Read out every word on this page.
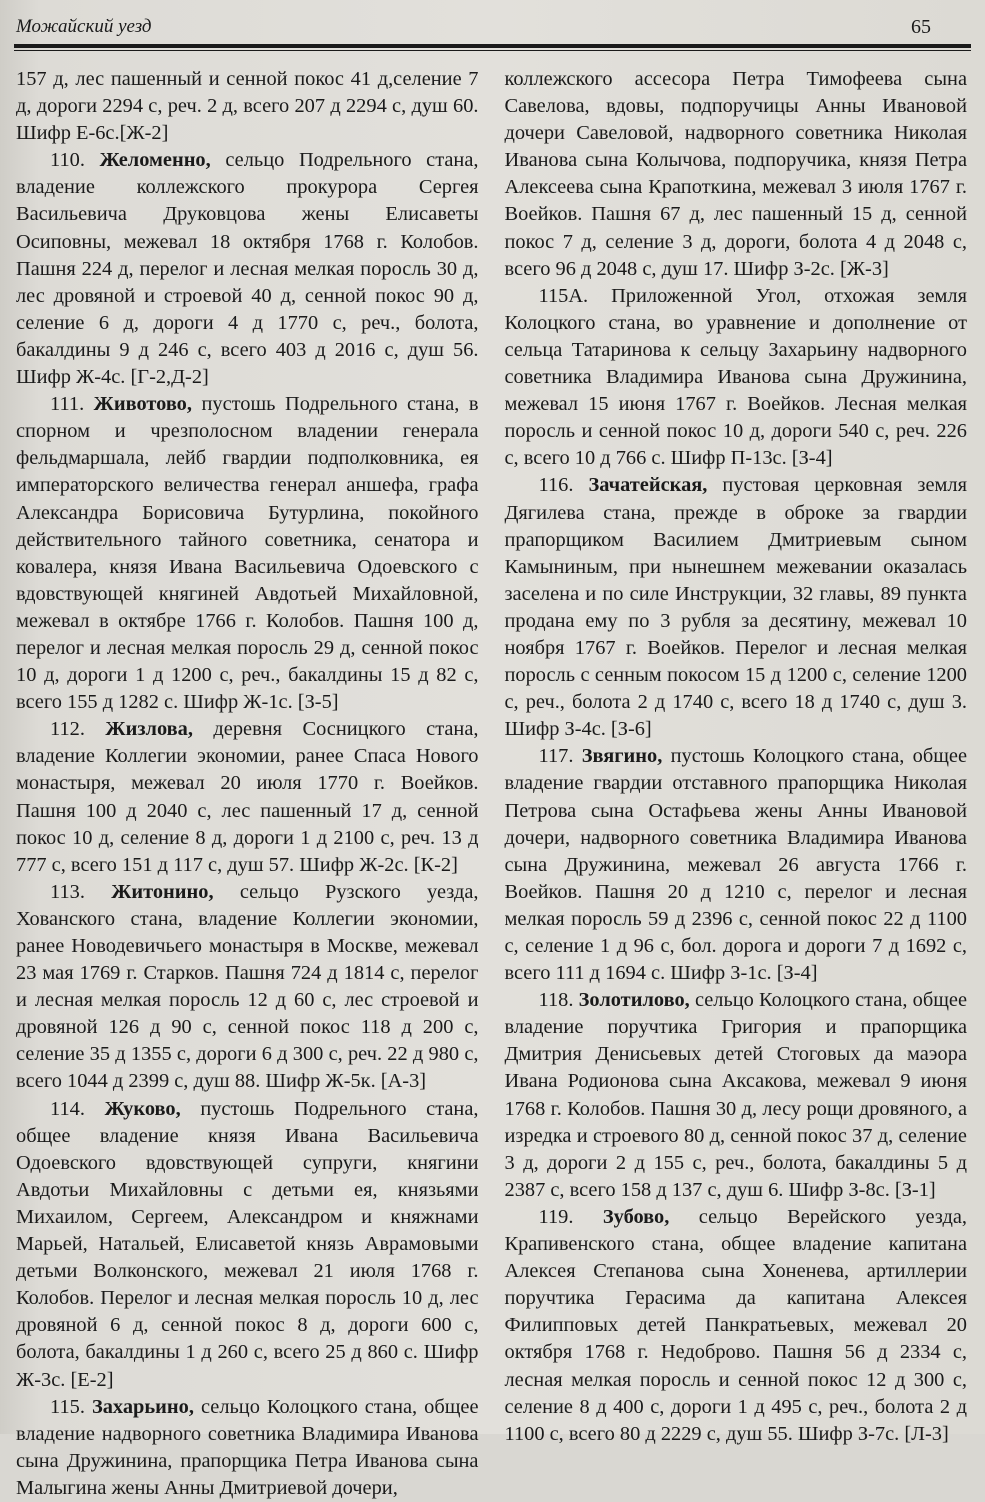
Можайский уезд	65

157 д, лес пашенный и сенной покос 41 д,селение 7 д, дороги 2294 с, реч. 2 д, всего 207 д 2294 с, душ 60. Шифр Е-6с.[Ж-2]

110. Желоменно, сельцо Подрельного стана, владение коллежского прокурора Сергея Васильевича Друковцова жены Елисаветы Осиповны, межевал 18 октября 1768 г. Колобов. Пашня 224 д, перелог и лесная мелкая поросль 30 д, лес дровяной и строевой 40 д, сенной покос 90 д, селение 6 д, дороги 4 д 1770 с, реч., болота, бакалдины 9 д 246 с, всего 403 д 2016 с, душ 56. Шифр Ж-4с. [Г-2,Д-2]

111. Животово, пустошь Подрельного стана, в спорном и чрезполосном владении генерала фельдмаршала, лейб гвардии подполковника, ея императорского величества генерал аншефа, графа Александра Борисовича Бутурлина, покойного действительного тайного советника, сенатора и ковалера, князя Ивана Васильевича Одоевского с вдовствующей княгиней Авдотьей Михайловной, межевал в октябре 1766 г. Колобов. Пашня 100 д, перелог и лесная мелкая поросль 29 д, сенной покос 10 д, дороги 1 д 1200 с, реч., бакалдины 15 д 82 с, всего 155 д 1282 с. Шифр Ж-1с. [З-5]

112. Жизлова, деревня Сосницкого стана, владение Коллегии экономии, ранее Спаса Нового монастыря, межевал 20 июля 1770 г. Воейков. Пашня 100 д 2040 с, лес пашенный 17 д, сенной покос 10 д, селение 8 д, дороги 1 д 2100 с, реч. 13 д 777 с, всего 151 д 117 с, душ 57. Шифр Ж-2с. [К-2]

113. Житонино, сельцо Рузского уезда, Хованского стана, владение Коллегии экономии, ранее Новодевичьего монастыря в Москве, межевал 23 мая 1769 г. Старков. Пашня 724 д 1814 с, перелог и лесная мелкая поросль 12 д 60 с, лес строевой и дровяной 126 д 90 с, сенной покос 118 д 200 с, селение 35 д 1355 с, дороги 6 д 300 с, реч. 22 д 980 с, всего 1044 д 2399 с, душ 88. Шифр Ж-5к. [А-3]

114. Жуково, пустошь Подрельного стана, общее владение князя Ивана Васильевича Одоевского вдовствующей супруги, княгини Авдотьи Михайловны с детьми ея, князьями Михаилом, Сергеем, Александром и княжнами Марьей, Натальей, Елисаветой князь Аврамовыми детьми Волконского, межевал 21 июля 1768 г. Колобов. Перелог и лесная мелкая поросль 10 д, лес дровяной 6 д, сенной покос 8 д, дороги 600 с, болота, бакалдины 1 д 260 с, всего 25 д 860 с. Шифр Ж-3с. [Е-2]

115. Захарьино, сельцо Колоцкого стана, общее владение надворного советника Владимира Иванова сына Дружинина, прапорщика Петра Иванова сына Малыгина жены Анны Дмитриевой дочери,

коллежского ассесора Петра Тимофеева сына Савелова, вдовы, подпоручицы Анны Ивановой дочери Савеловой, надворного советника Николая Иванова сына Колычова, подпоручика, князя Петра Алексеева сына Крапоткина, межевал 3 июля 1767 г. Воейков. Пашня 67 д, лес пашенный 15 д, сенной покос 7 д, селение 3 д, дороги, болота 4 д 2048 с, всего 96 д 2048 с, душ 17. Шифр З-2с. [Ж-3]

115А. Приложенной Угол, отхожая земля Колоцкого стана, во уравнение и дополнение от сельца Татаринова к сельцу Захарьину надворного советника Владимира Иванова сына Дружинина, межевал 15 июня 1767 г. Воейков. Лесная мелкая поросль и сенной покос 10 д, дороги 540 с, реч. 226 с, всего 10 д 766 с. Шифр П-13с. [З-4]

116. Зачатейская, пустовая церковная земля Дягилева стана, прежде в оброке за гвардии прапорщиком Василием Дмитриевым сыном Камыниным, при нынешнем межевании оказалась заселена и по силе Инструкции, 32 главы, 89 пункта продана ему по 3 рубля за десятину, межевал 10 ноября 1767 г. Воейков. Перелог и лесная мелкая поросль с сенным покосом 15 д 1200 с, селение 1200 с, реч., болота 2 д 1740 с, всего 18 д 1740 с, душ 3. Шифр З-4с. [З-6]

117. Звягино, пустошь Колоцкого стана, общее владение гвардии отставного прапорщика Николая Петрова сына Остафьева жены Анны Ивановой дочери, надворного советника Владимира Иванова сына Дружинина, межевал 26 августа 1766 г. Воейков. Пашня 20 д 1210 с, перелог и лесная мелкая поросль 59 д 2396 с, сенной покос 22 д 1100 с, селение 1 д 96 с, бол. дорога и дороги 7 д 1692 с, всего 111 д 1694 с. Шифр З-1с. [З-4]

118. Золотилово, сельцо Колоцкого стана, общее владение поручтика Григория и прапорщика Дмитрия Денисьевых детей Стоговых да маэора Ивана Родионова сына Аксакова, межевал 9 июня 1768 г. Колобов. Пашня 30 д, лесу рощи дровяного, а изредка и строевого 80 д, сенной покос 37 д, селение 3 д, дороги 2 д 155 с, реч., болота, бакалдины 5 д 2387 с, всего 158 д 137 с, душ 6. Шифр З-8с. [З-1]

119. Зубово, сельцо Верейского уезда, Крапивенского стана, общее владение капитана Алексея Степанова сына Хоненева, артиллерии поручтика Герасима да капитана Алексея Филипповых детей Панкратьевых, межевал 20 октября 1768 г. Недоброво. Пашня 56 д 2334 с, лесная мелкая поросль и сенной покос 12 д 300 с, селение 8 д 400 с, дороги 1 д 495 с, реч., болота 2 д 1100 с, всего 80 д 2229 с, душ 55. Шифр З-7с. [Л-3]
